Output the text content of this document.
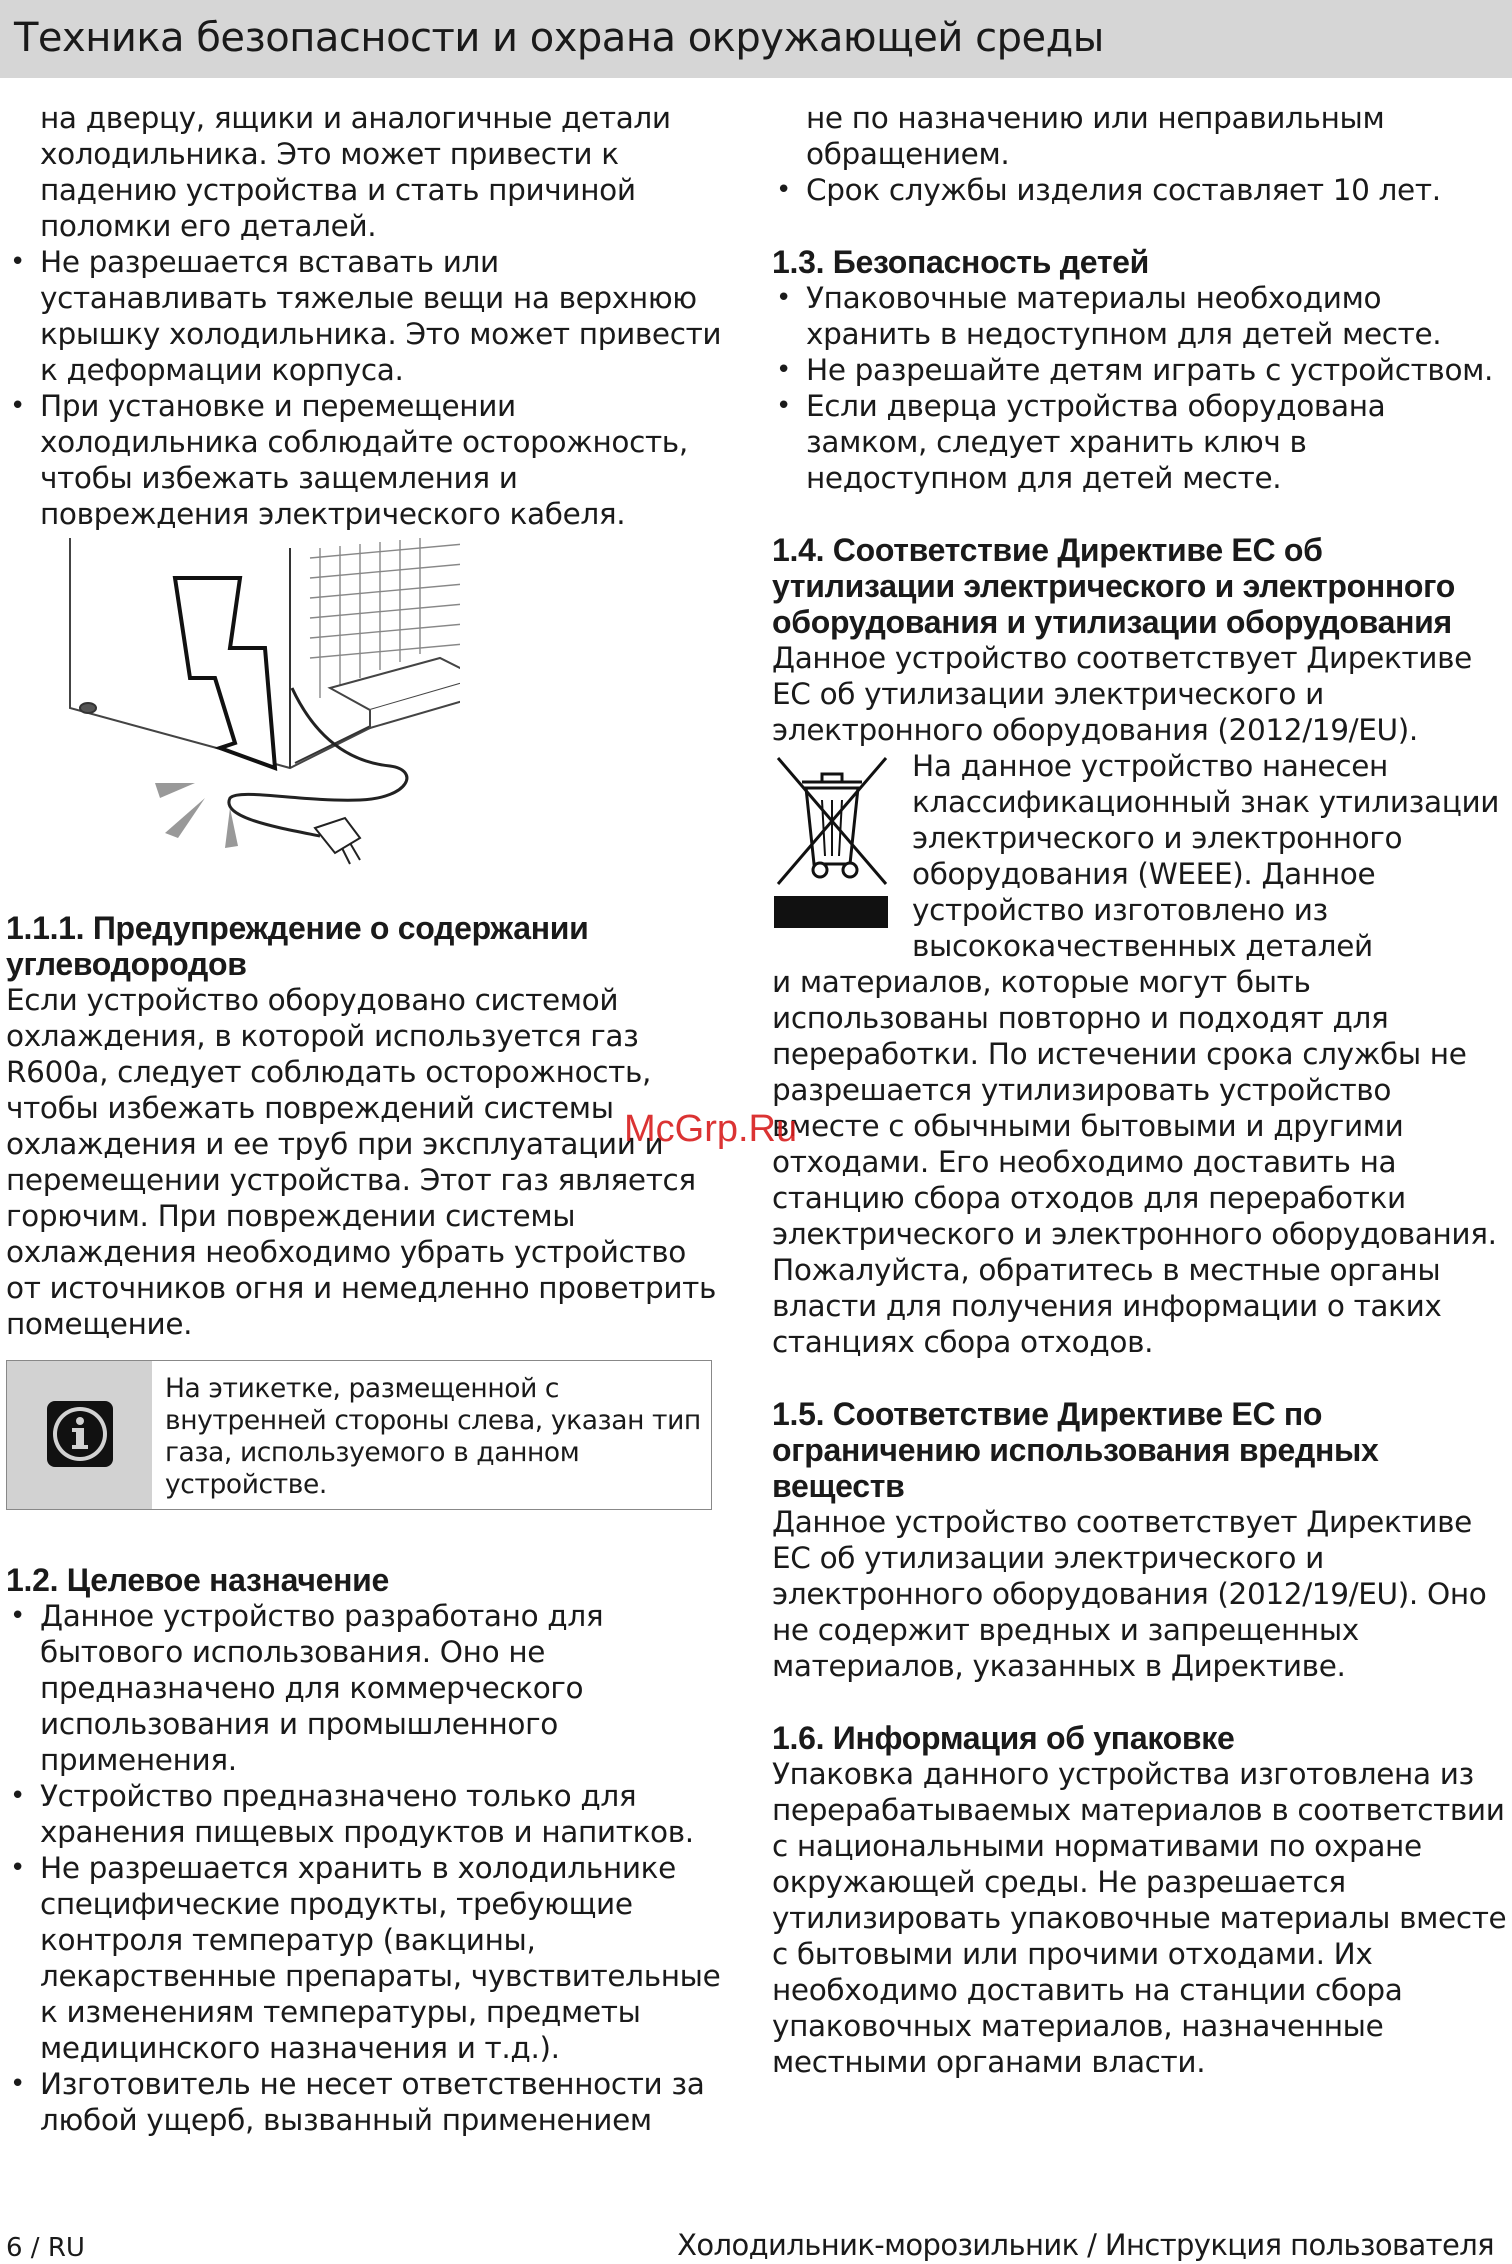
Техника безопасности и охрана окружающей среды

на дверцу, ящики и аналогичные детали холодильника. Это может привести к падению устройства и стать причиной поломки его деталей.

• Не разрешается вставать или устанавливать тяжелые вещи на верхнюю крышку холодильника. Это может привести к деформации корпуса.
• При установке и перемещении холодильника соблюдайте осторожность, чтобы избежать защемления и повреждения электрического кабеля.
1.1.1. Предупреждение о содержании углеводородов

Если устройство оборудовано системой охлаждения, в которой используется газ R600a, следует соблюдать осторожность, чтобы избежать повреждений системы охлаждения и ее труб при эксплуатации и перемещении устройства. Этот газ является горючим. При повреждении системы охлаждения необходимо убрать устройство от источников огня и немедленно проветрить помещение.

На этикетке, размещенной с внутренней стороны слева, указан тип газа, используемого в данном устройстве.
1.2. Целевое назначение
• Данное устройство разработано для бытового использования. Оно не предназначено для коммерческого использования и промышленного применения.
• Устройство предназначено только для хранения пищевых продуктов и напитков.
• Не разрешается хранить в холодильнике специфические продукты, требующие контроля температур (вакцины, лекарственные препараты, чувствительные к изменениям температуры, предметы медицинского назначения и т.д.).
• Изготовитель не несет ответственности за любой ущерб, вызванный применением

не по назначению или неправильным обращением.

• Срок службы изделия составляет 10 лет.
1.3. Безопасность детей
• Упаковочные материалы необходимо хранить в недоступном для детей месте.
• Не разрешайте детям играть с устройством.
• Если дверца устройства оборудована замком, следует хранить ключ в недоступном для детей месте.
1.4. Соответствие Директиве ЕС об утилизации электрического и электронного оборудования и утилизации оборудования

Данное устройство соответствует Директиве ЕС об утилизации электрического и электронного оборудования (2012/19/EU).

На данное устройство нанесен классификационный знак утилизации электрического и электронного оборудования (WEEE). Данное устройство изготовлено из высококачественных деталей

и материалов, которые могут быть использованы повторно и подходят для переработки. По истечении срока службы не разрешается утилизировать устройство вместе с обычными бытовыми и другими отходами. Его необходимо доставить на станцию сбора отходов для переработки электрического и электронного оборудования. Пожалуйста, обратитесь в местные органы власти для получения информации о таких станциях сбора отходов.

1.5. Соответствие Директиве ЕС по ограничению использования вредных веществ

Данное устройство соответствует Директиве ЕС об утилизации электрического и электронного оборудования (2012/19/EU). Оно не содержит вредных и запрещенных материалов, указанных в Директиве.

1.6. Информация об упаковке

Упаковка данного устройства изготовлена из перерабатываемых материалов в соответствии с национальными нормативами по охране окружающей среды. Не разрешается утилизировать упаковочные материалы вместе с бытовыми или прочими отходами. Их необходимо доставить на станции сбора упаковочных материалов, назначенные местными органами власти.

McGrp.Ru
6 / RU	Холодильник-морозильник / Инструкция пользователя
